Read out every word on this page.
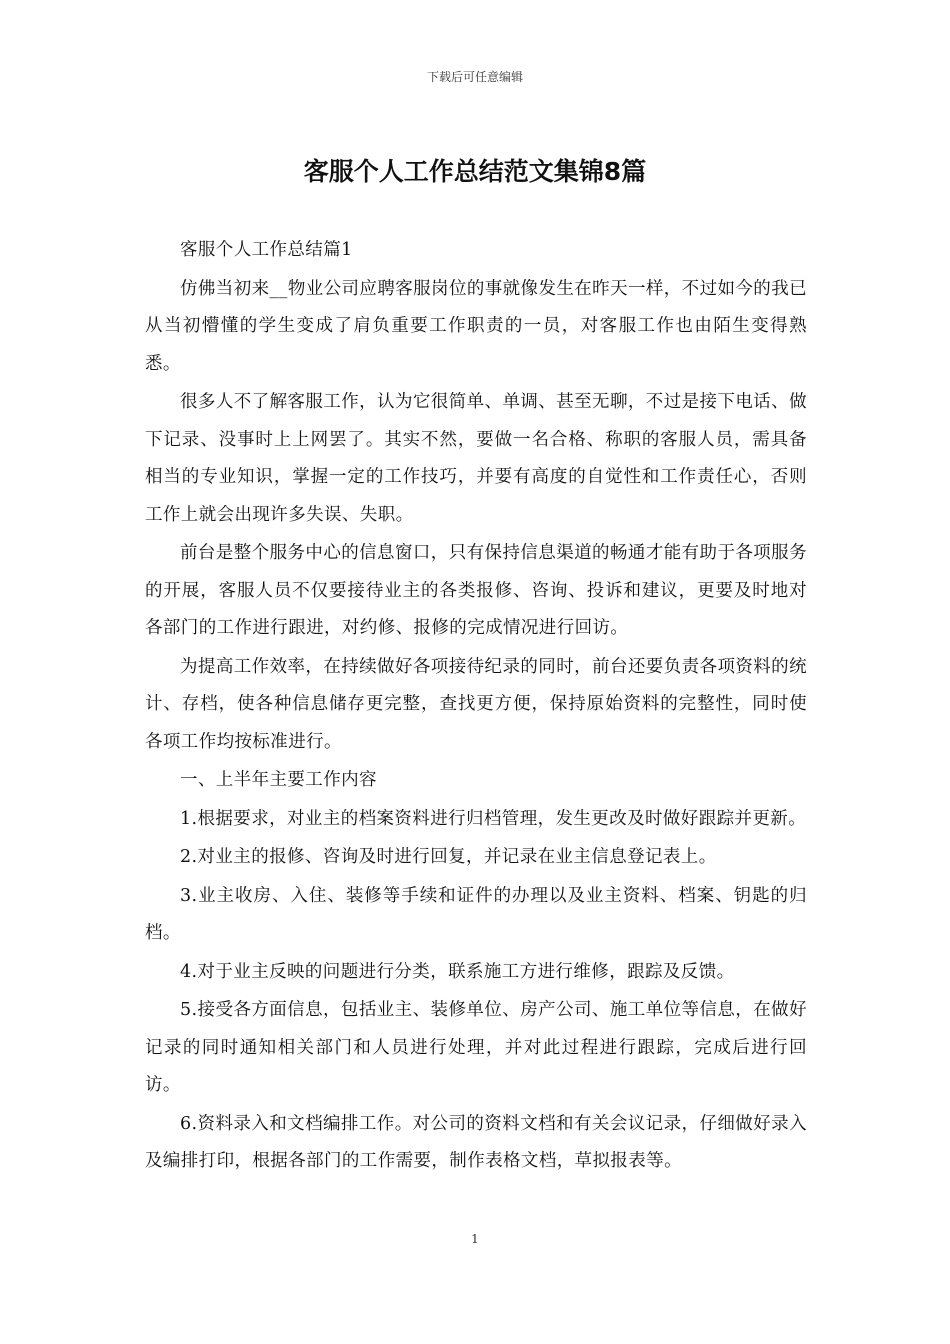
下载后可任意编辑
客服个人工作总结范文集锦8篇

客服个人工作总结篇1

仿佛当初来__物业公司应聘客服岗位的事就像发生在昨天一样，不过如今的我已从当初懵懂的学生变成了肩负重要工作职责的一员，对客服工作也由陌生变得熟悉。

很多人不了解客服工作，认为它很简单、单调、甚至无聊，不过是接下电话、做下记录、没事时上上网罢了。其实不然，要做一名合格、称职的客服人员，需具备相当的专业知识，掌握一定的工作技巧，并要有高度的自觉性和工作责任心，否则工作上就会出现许多失误、失职。

前台是整个服务中心的信息窗口，只有保持信息渠道的畅通才能有助于各项服务的开展，客服人员不仅要接待业主的各类报修、咨询、投诉和建议，更要及时地对各部门的工作进行跟进，对约修、报修的完成情况进行回访。

为提高工作效率，在持续做好各项接待纪录的同时，前台还要负责各项资料的统计、存档，使各种信息储存更完整，查找更方便，保持原始资料的完整性，同时使各项工作均按标准进行。

一、上半年主要工作内容

1.根据要求，对业主的档案资料进行归档管理，发生更改及时做好跟踪并更新。

2.对业主的报修、咨询及时进行回复，并记录在业主信息登记表上。

3.业主收房、入住、装修等手续和证件的办理以及业主资料、档案、钥匙的归档。

4.对于业主反映的问题进行分类，联系施工方进行维修，跟踪及反馈。

5.接受各方面信息，包括业主、装修单位、房产公司、施工单位等信息，在做好记录的同时通知相关部门和人员进行处理，并对此过程进行跟踪，完成后进行回访。

6.资料录入和文档编排工作。对公司的资料文档和有关会议记录，仔细做好录入及编排打印，根据各部门的工作需要，制作表格文档，草拟报表等。

1
